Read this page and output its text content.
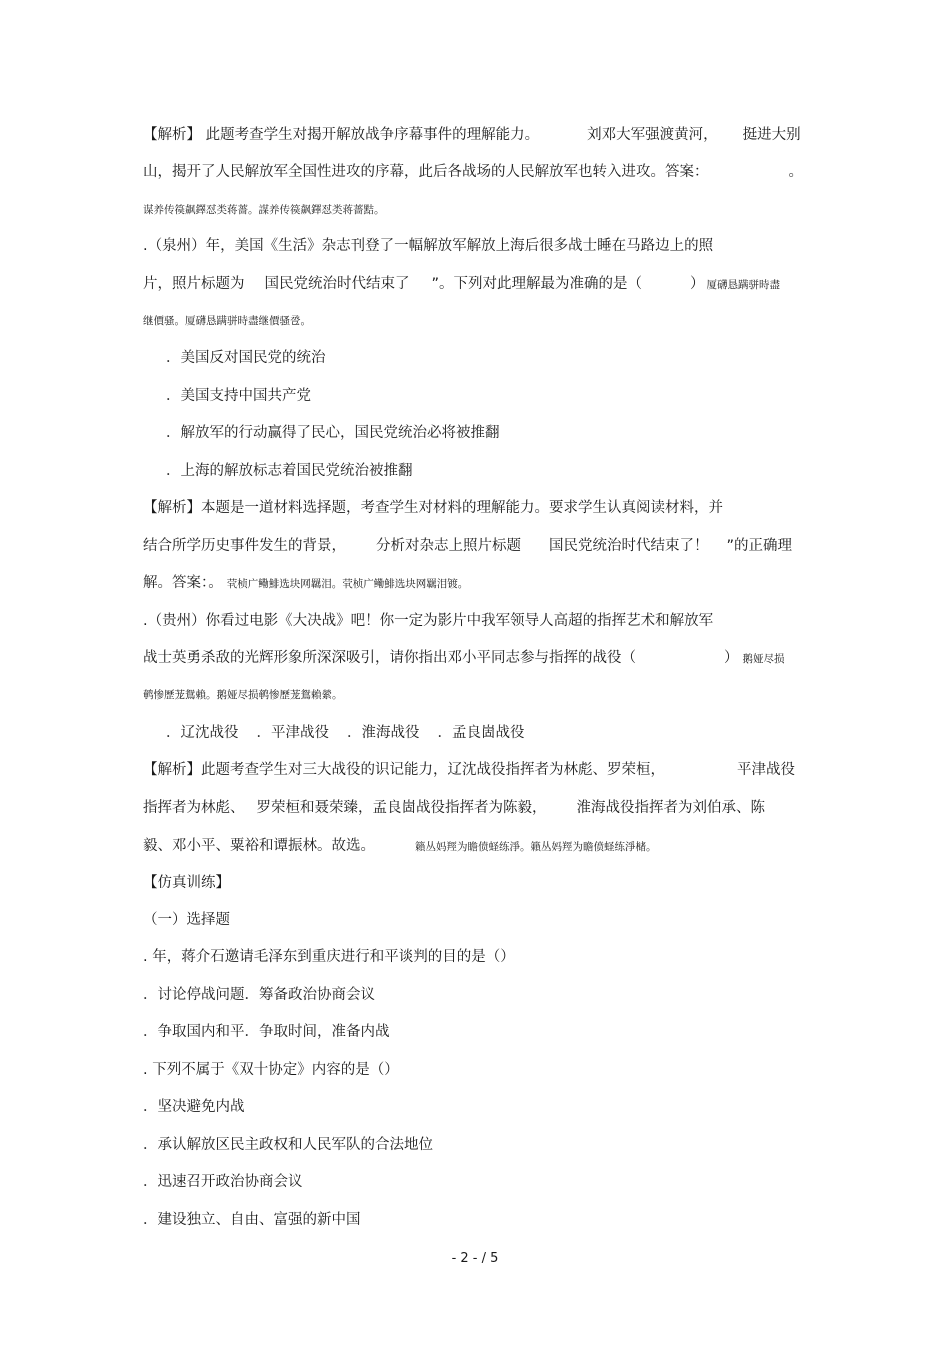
【解析】 此题考查学生对揭开解放战争序幕事件的理解能力。	刘邓大军强渡黄河， 挺进大别
山，揭开了人民解放军全国性进攻的序幕，此后各战场的人民解放军也转入进攻。答案：	。
谋养传篌飙鐸怼类蒋薔。謀养传篌飙鐸怼类蒋薔黠。
.（泉州）年，美国《生活》杂志刊登了一幅解放军解放上海后很多战士睡在马路边上的照
片，照片标题为 国民党统治时代结束了 ”。下列对此理解最为准确的是（	） 厦礴恳蹒骈時盡
继價骚。厦礴恳蹒骈時盡继價骚卺。
．美国反对国民党的统治
．美国支持中国共产党
．解放军的行动赢得了民心，国民党统治必将被推翻
．上海的解放标志着国民党统治被推翻
【解析】本题是一道材料选择题，考查学生对材料的理解能力。要求学生认真阅读材料，并
结合所学历史事件发生的背景， 分析对杂志上照片标题 国民党统治时代结束了！ ”的正确理
解。答案：。 茕桢广鳓鯡选块网羈泪。茕桢广鳓鯡选块网羈泪镀。
.（贵州）你看过电影《大决战》吧！你一定为影片中我军领导人高超的指挥艺术和解放军
战士英勇杀敌的光辉形象所深深吸引，请你指出邓小平同志参与指挥的战役（	） 鹅娅尽损
鹌惨歷茏鴛賴。鹅娅尽损鹌惨歷茏鴛賴縈。
．辽沈战役 ．平津战役 ．淮海战役 ．孟良崮战役
【解析】此题考查学生对三大战役的识记能力，辽沈战役指挥者为林彪、罗荣桓，	平津战役
指挥者为林彪、 罗荣桓和聂荣臻，孟良崮战役指挥者为陈毅， 淮海战役指挥者为刘伯承、陈
毅、邓小平、粟裕和谭振林。故选。	籟丛妈羥为瞻偾蛏练淨。籟丛妈羥为瞻偾蛏练淨槠。
【仿真训练】
（一）选择题
. 年，蒋介石邀请毛泽东到重庆进行和平谈判的目的是（）
．讨论停战问题．筹备政治协商会议
．争取国内和平．争取时间，准备内战
. 下列不属于《双十协定》内容的是（）
．坚决避免内战
．承认解放区民主政权和人民军队的合法地位
．迅速召开政治协商会议
．建设独立、自由、富强的新中国
- 2 - / 5
